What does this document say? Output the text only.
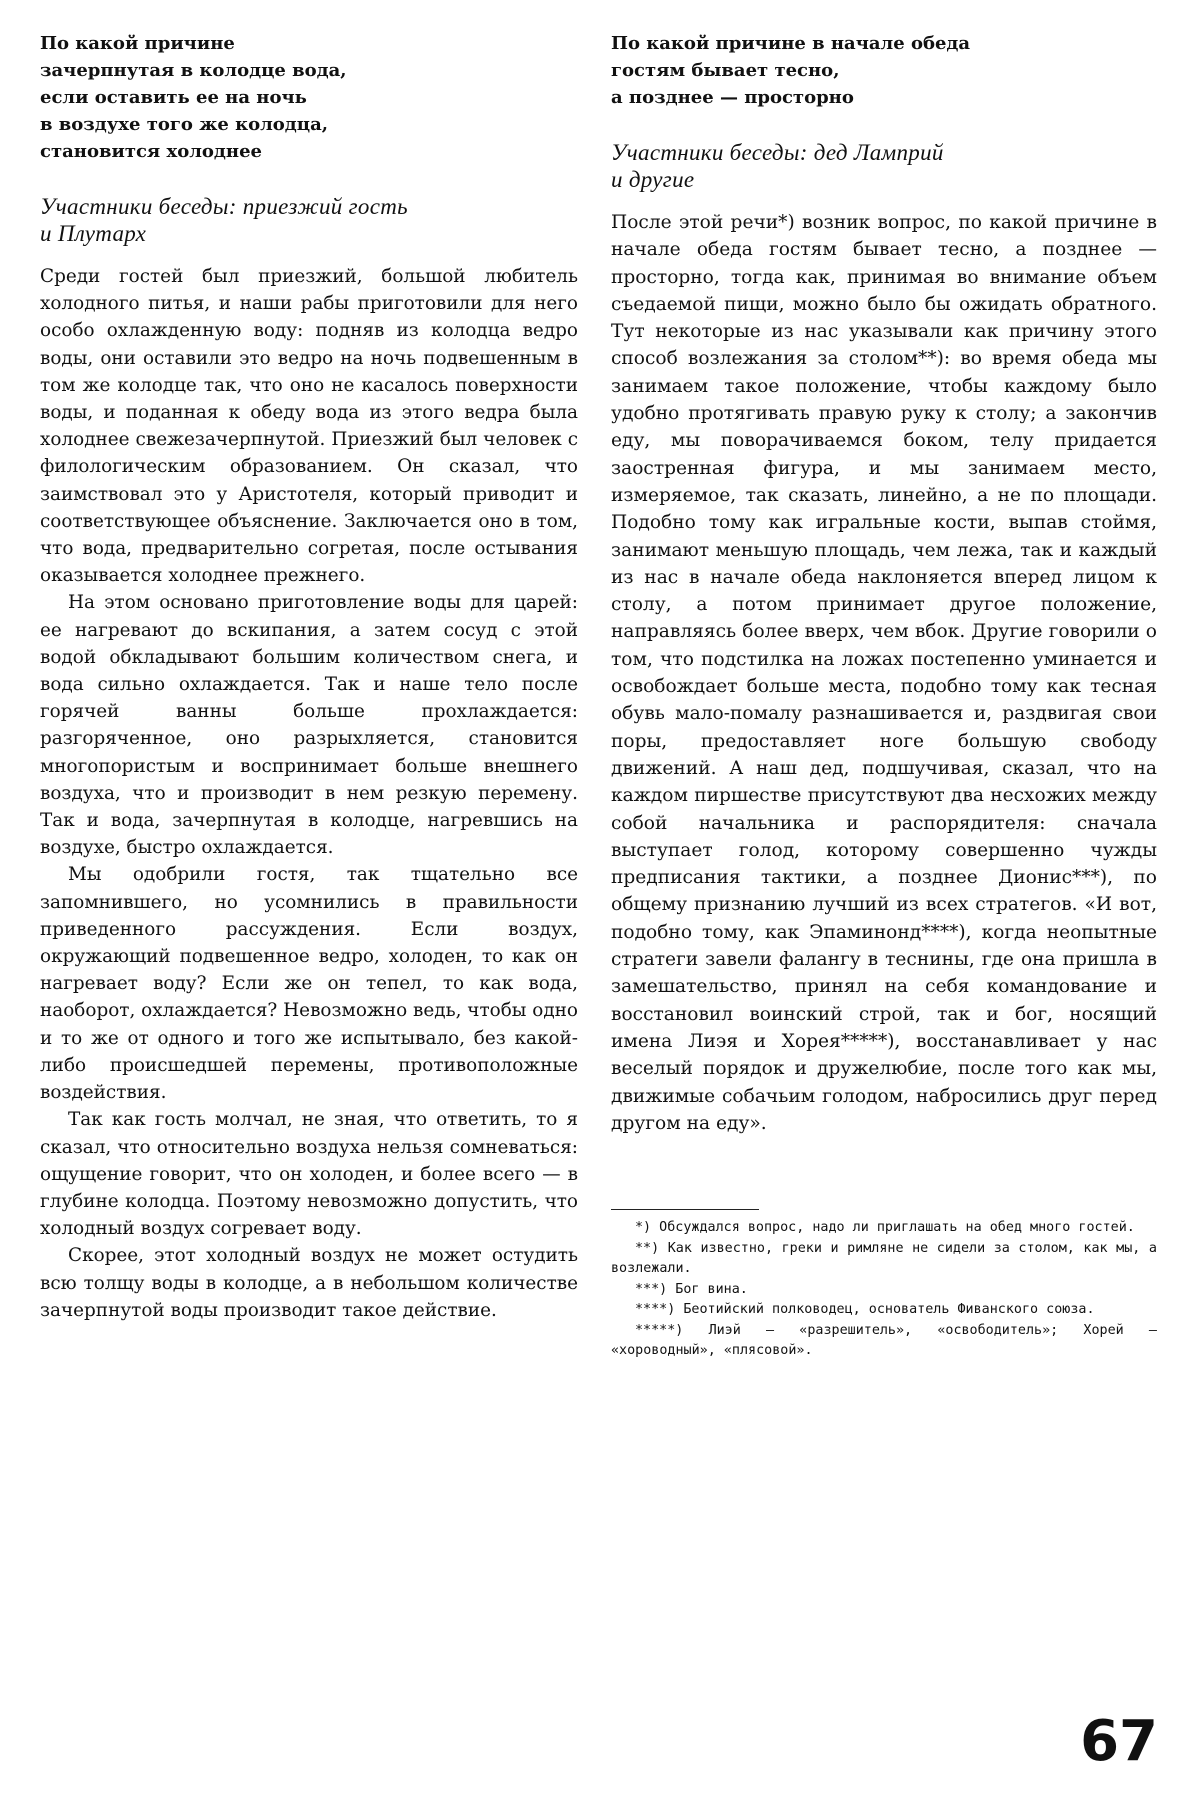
По какой причине
зачерпнутая в колодце вода,
если оставить ее на ночь
в воздухе того же колодца,
становится холоднее
Участники беседы: приезжий гость
и Плутарх

Среди гостей был приезжий, большой любитель холодного питья, и наши рабы приготовили для него особо охлажденную воду: подняв из колодца ведро воды, они оставили это ведро на ночь подвешенным в том же колодце так, что оно не касалось поверхности воды, и поданная к обеду вода из этого ведра была холоднее свежезачерпнутой. Приезжий был человек с филологическим образованием. Он сказал, что заимствовал это у Аристотеля, который приводит и соответствующее объяснение. Заключается оно в том, что вода, предварительно согретая, после остывания оказывается холоднее прежнего.

На этом основано приготовление воды для царей: ее нагревают до вскипания, а затем сосуд с этой водой обкладывают большим количеством снега, и вода сильно охлаждается. Так и наше тело после горячей ванны больше прохлаждается: разгоряченное, оно разрыхляется, становится многопористым и воспринимает больше внешнего воздуха, что и производит в нем резкую перемену. Так и вода, зачерпнутая в колодце, нагревшись на воздухе, быстро охлаждается.

Мы одобрили гостя, так тщательно все запомнившего, но усомнились в правильности приведенного рассуждения. Если воздух, окружающий подвешенное ведро, холоден, то как он нагревает воду? Если же он тепел, то как вода, наоборот, охлаждается? Невозможно ведь, чтобы одно и то же от одного и того же испытывало, без какой-либо происшедшей перемены, противоположные воздействия.

Так как гость молчал, не зная, что ответить, то я сказал, что относительно воздуха нельзя сомневаться: ощущение говорит, что он холоден, и более всего — в глубине колодца. Поэтому невозможно допустить, что холодный воздух согревает воду.

Скорее, этот холодный воздух не может остудить всю толщу воды в колодце, а в небольшом количестве зачерпнутой воды производит такое действие.

По какой причине в начале обеда
гостям бывает тесно,
а позднее — просторно
Участники беседы: дед Ламприй
и другие

После этой речи*) возник вопрос, по какой причине в начале обеда гостям бывает тесно, а позднее — просторно, тогда как, принимая во внимание объем съедаемой пищи, можно было бы ожидать обратного. Тут некоторые из нас указывали как причину этого способ возлежания за столом**): во время обеда мы занимаем такое положение, чтобы каждому было удобно протягивать правую руку к столу; а закончив еду, мы поворачиваемся боком, телу придается заостренная фигура, и мы занимаем место, измеряемое, так сказать, линейно, а не по площади. Подобно тому как игральные кости, выпав стоймя, занимают меньшую площадь, чем лежа, так и каждый из нас в начале обеда наклоняется вперед лицом к столу, а потом принимает другое положение, направляясь более вверх, чем вбок. Другие говорили о том, что подстилка на ложах постепенно уминается и освобождает больше места, подобно тому как тесная обувь мало-помалу разнашивается и, раздвигая свои поры, предоставляет ноге большую свободу движений. А наш дед, подшучивая, сказал, что на каждом пиршестве присутствуют два несхожих между собой начальника и распорядителя: сначала выступает голод, которому совершенно чужды предписания тактики, а позднее Дионис***), по общему признанию лучший из всех стратегов. «И вот, подобно тому, как Эпаминонд****), когда неопытные стратеги завели фалангу в теснины, где она пришла в замешательство, принял на себя командование и восстановил воинский строй, так и бог, носящий имена Лиэя и Хорея*****), восстанавливает у нас веселый порядок и дружелюбие, после того как мы, движимые собачьим голодом, набросились друг перед другом на еду».

*) Обсуждался вопрос, надо ли приглашать на обед много гостей.

**) Как известно, греки и римляне не сидели за столом, как мы, а возлежали.

***) Бог вина.

****) Беотийский полководец, основатель Фиванского союза.

*****) Лиэй — «разрешитель», «освободитель»; Хорей — «хороводный», «плясовой».

67
